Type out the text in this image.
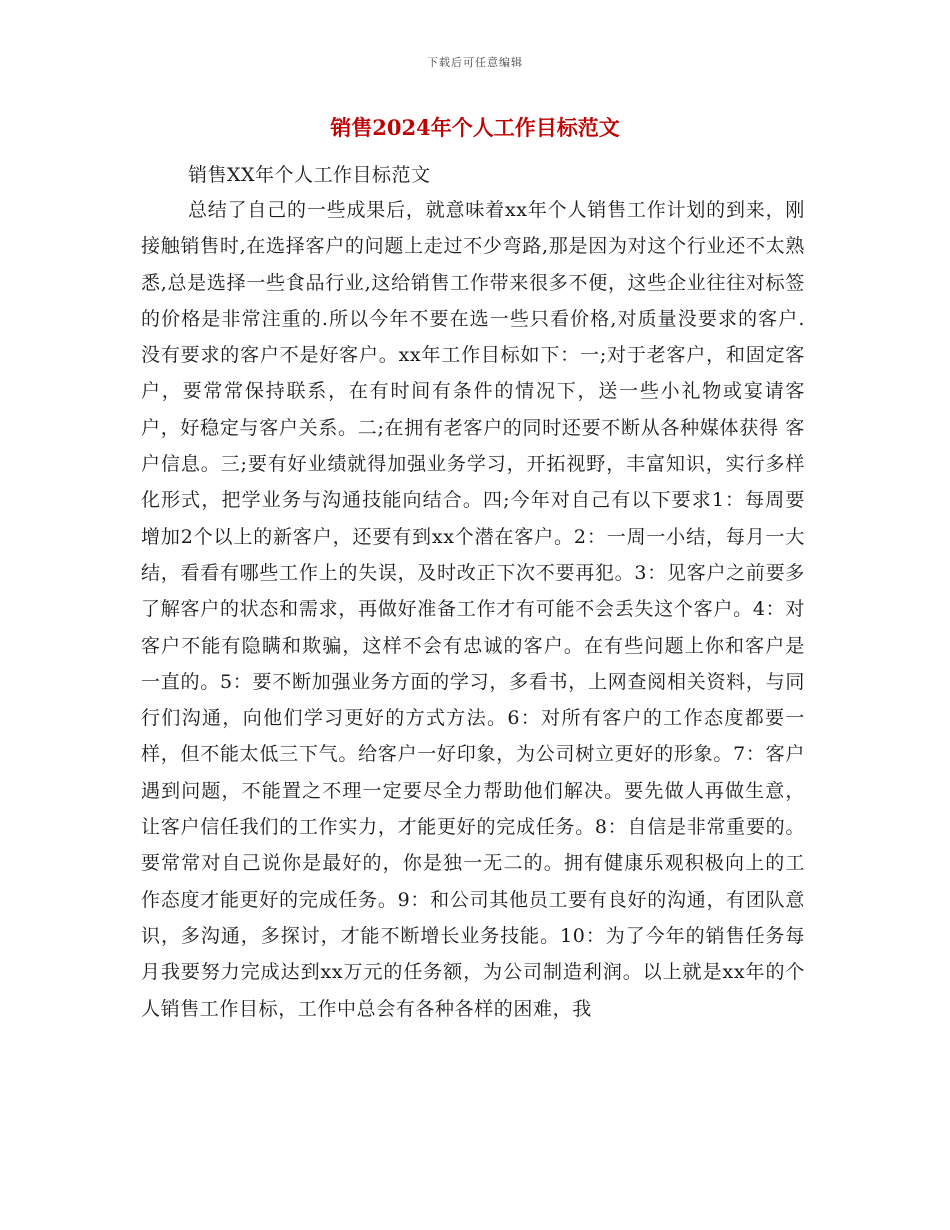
下载后可任意编辑
销售2024年个人工作目标范文
销售XX年个人工作目标范文

总结了自己的一些成果后，就意味着xx年个人销售工作计划的到来，刚接触销售时,在选择客户的问题上走过不少弯路,那是因为对这个行业还不太熟悉,总是选择一些食品行业,这给销售工作带来很多不便，这些企业往往对标签的价格是非常注重的.所以今年不要在选一些只看价格,对质量没要求的客户.没有要求的客户不是好客户。xx年工作目标如下：一;对于老客户，和固定客户，要常常保持联系，在有时间有条件的情况下，送一些小礼物或宴请客户，好稳定与客户关系。二;在拥有老客户的同时还要不断从各种媒体获得 客户信息。三;要有好业绩就得加强业务学习，开拓视野，丰富知识，实行多样化形式，把学业务与沟通技能向结合。四;今年对自己有以下要求1：每周要增加2个以上的新客户，还要有到xx个潜在客户。2：一周一小结，每月一大结，看看有哪些工作上的失误，及时改正下次不要再犯。3：见客户之前要多了解客户的状态和需求，再做好准备工作才有可能不会丢失这个客户。4：对客户不能有隐瞒和欺骗，这样不会有忠诚的客户。在有些问题上你和客户是一直的。5：要不断加强业务方面的学习，多看书，上网查阅相关资料，与同行们沟通，向他们学习更好的方式方法。6：对所有客户的工作态度都要一样，但不能太低三下气。给客户一好印象，为公司树立更好的形象。7：客户遇到问题，不能置之不理一定要尽全力帮助他们解决。要先做人再做生意，让客户信任我们的工作实力，才能更好的完成任务。8：自信是非常重要的。要常常对自己说你是最好的，你是独一无二的。拥有健康乐观积极向上的工作态度才能更好的完成任务。9：和公司其他员工要有良好的沟通，有团队意识，多沟通，多探讨，才能不断增长业务技能。10：为了今年的销售任务每月我要努力完成达到xx万元的任务额，为公司制造利润。以上就是xx年的个人销售工作目标，工作中总会有各种各样的困难，我
